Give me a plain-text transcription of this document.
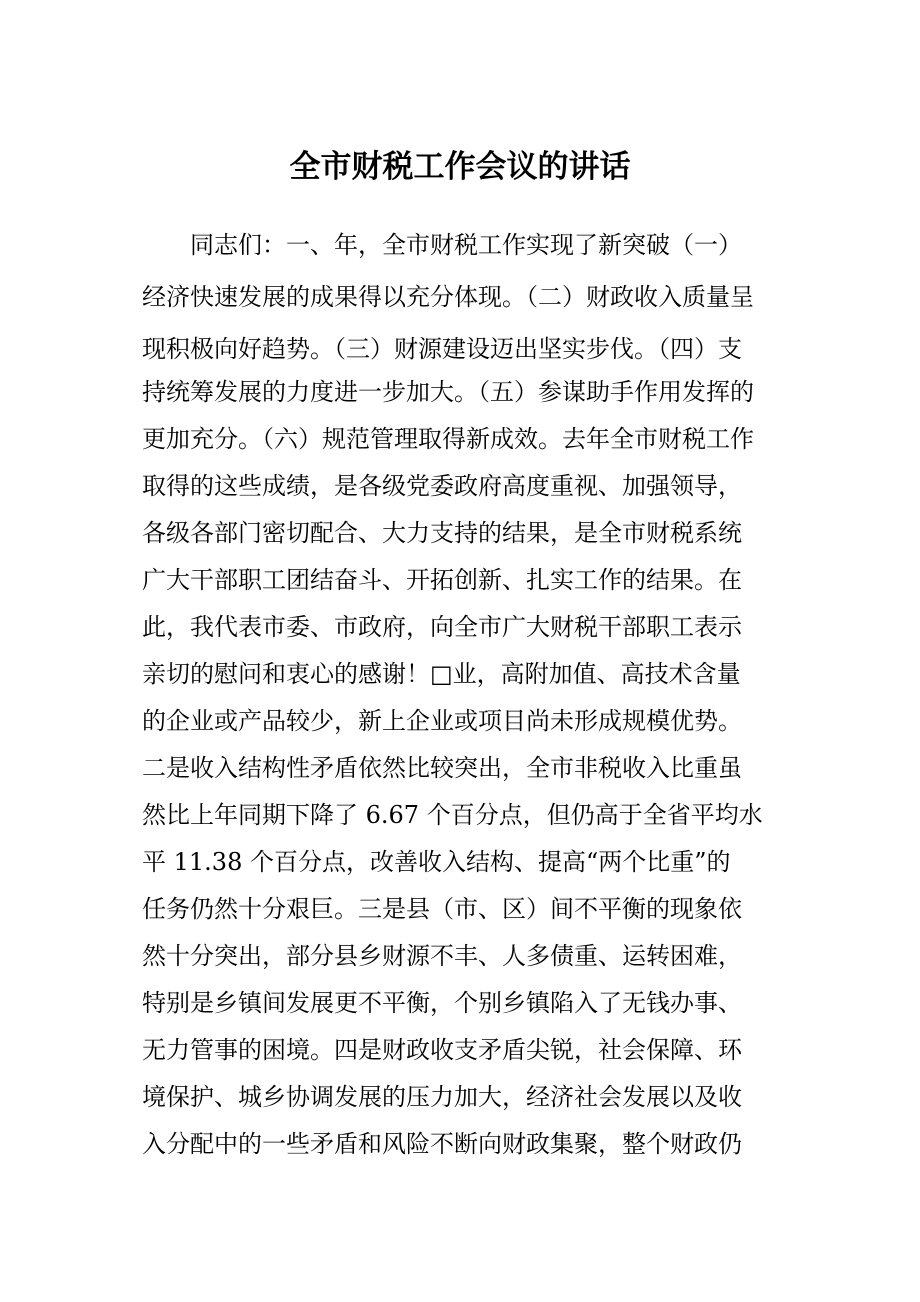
全市财税工作会议的讲话
同志们：一、年，全市财税工作实现了新突破（一）
经济快速发展的成果得以充分体现。（二）财政收入质量呈
现积极向好趋势。（三）财源建设迈出坚实步伐。（四）支
持统筹发展的力度进一步加大。（五）参谋助手作用发挥的
更加充分。（六）规范管理取得新成效。去年全市财税工作
取得的这些成绩，是各级党委政府高度重视、加强领导，
各级各部门密切配合、大力支持的结果，是全市财税系统
广大干部职工团结奋斗、开拓创新、扎实工作的结果。在
此，我代表市委、市政府，向全市广大财税干部职工表示
亲切的慰问和衷心的感谢！□业，高附加值、高技术含量
的企业或产品较少，新上企业或项目尚未形成规模优势。
二是收入结构性矛盾依然比较突出，全市非税收入比重虽
然比上年同期下降了 6.67 个百分点，但仍高于全省平均水
平 11.38 个百分点，改善收入结构、提高“两个比重”的
任务仍然十分艰巨。三是县（市、区）间不平衡的现象依
然十分突出，部分县乡财源不丰、人多债重、运转困难，
特别是乡镇间发展更不平衡，个别乡镇陷入了无钱办事、
无力管事的困境。四是财政收支矛盾尖锐，社会保障、环
境保护、城乡协调发展的压力加大，经济社会发展以及收
入分配中的一些矛盾和风险不断向财政集聚，整个财政仍
